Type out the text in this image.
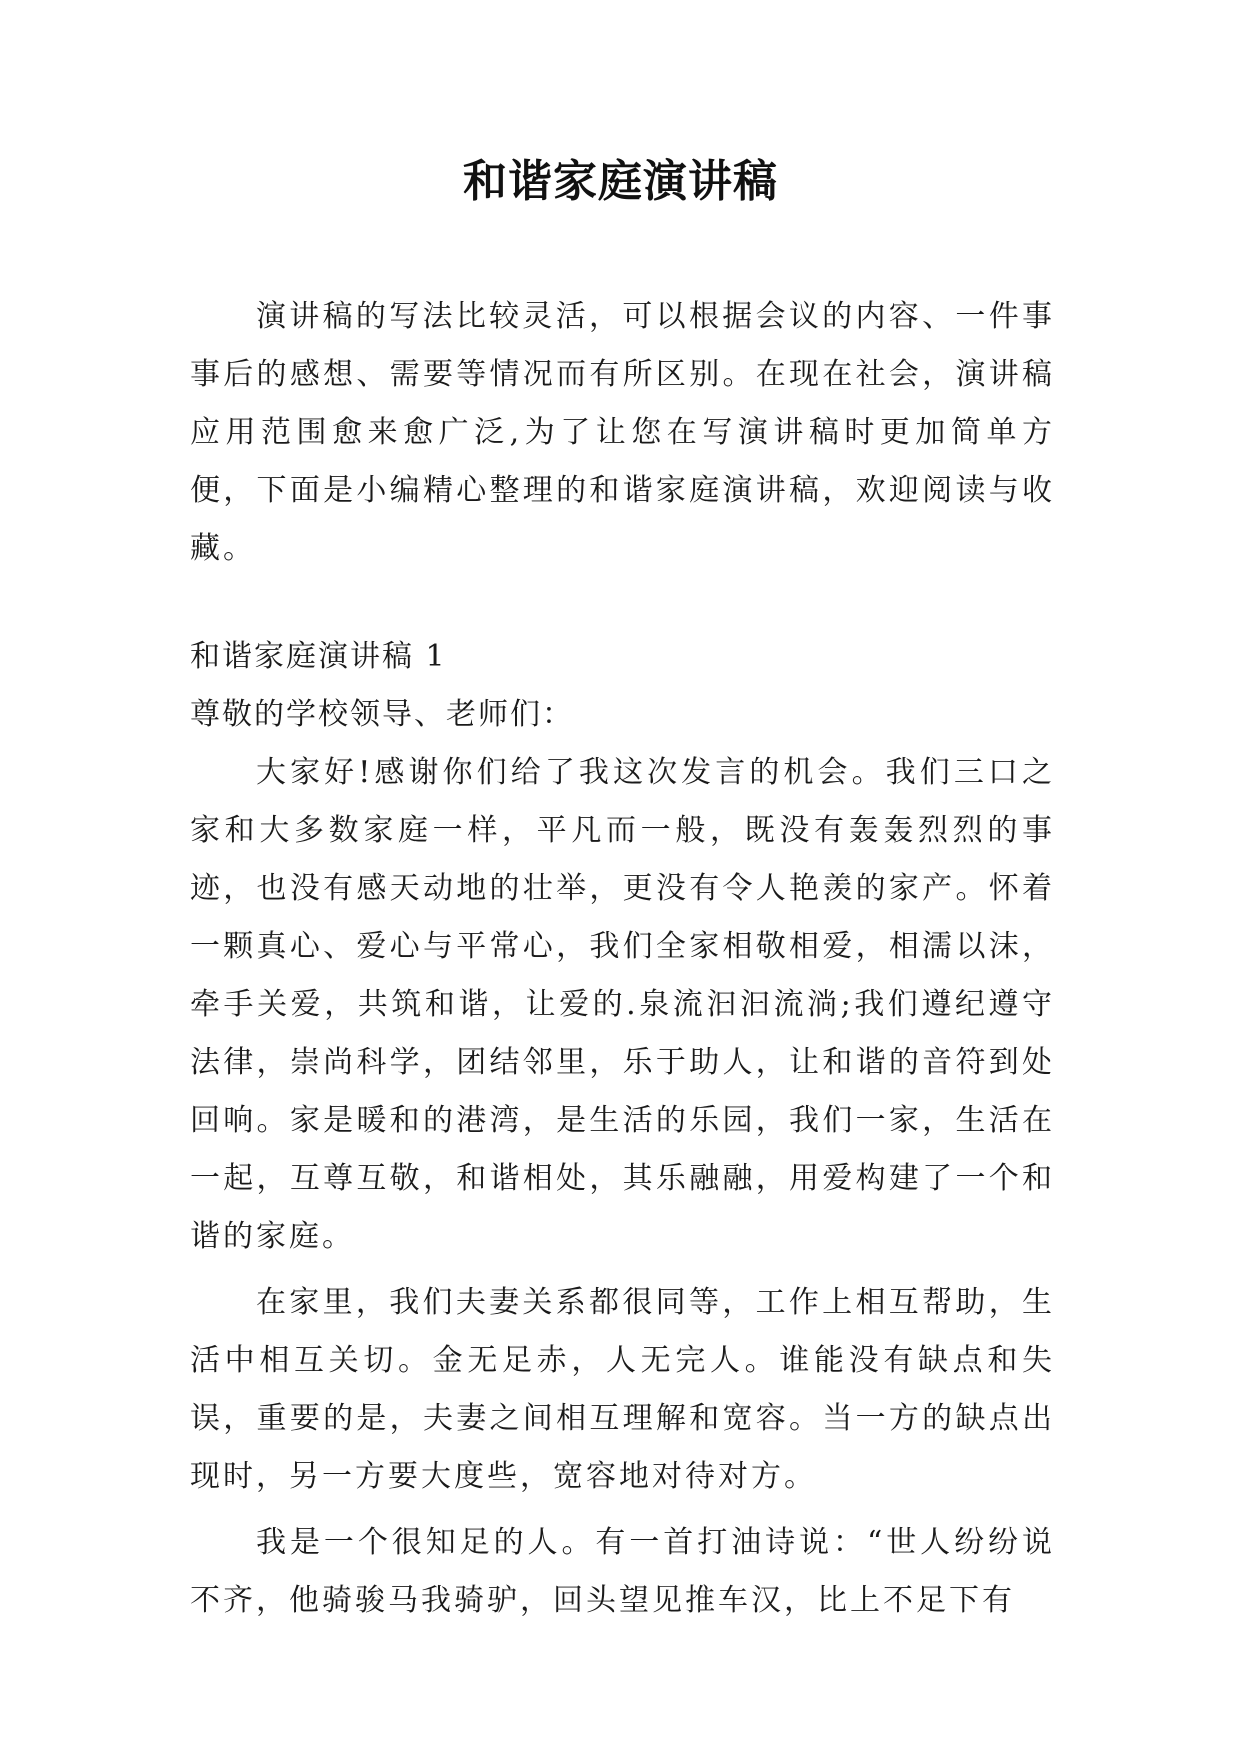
和谐家庭演讲稿

演讲稿的写法比较灵活，可以根据会议的内容、一件事事后的感想、需要等情况而有所区别。在现在社会，演讲稿应用范围愈来愈广泛,为了让您在写演讲稿时更加简单方便，下面是小编精心整理的和谐家庭演讲稿，欢迎阅读与收藏。

和谐家庭演讲稿 1

尊敬的学校领导、老师们：

大家好!感谢你们给了我这次发言的机会。我们三口之家和大多数家庭一样，平凡而一般，既没有轰轰烈烈的事迹，也没有感天动地的壮举，更没有令人艳羡的家产。怀着一颗真心、爱心与平常心，我们全家相敬相爱，相濡以沫，牵手关爱，共筑和谐，让爱的.泉流汩汩流淌;我们遵纪遵守法律，崇尚科学，团结邻里，乐于助人，让和谐的音符到处回响。家是暖和的港湾，是生活的乐园，我们一家，生活在一起，互尊互敬，和谐相处，其乐融融，用爱构建了一个和谐的家庭。

在家里，我们夫妻关系都很同等，工作上相互帮助，生活中相互关切。金无足赤，人无完人。谁能没有缺点和失误，重要的是，夫妻之间相互理解和宽容。当一方的缺点出现时，另一方要大度些，宽容地对待对方。

我是一个很知足的人。有一首打油诗说：“世人纷纷说不齐，他骑骏马我骑驴，回头望见推车汉，比上不足下有
